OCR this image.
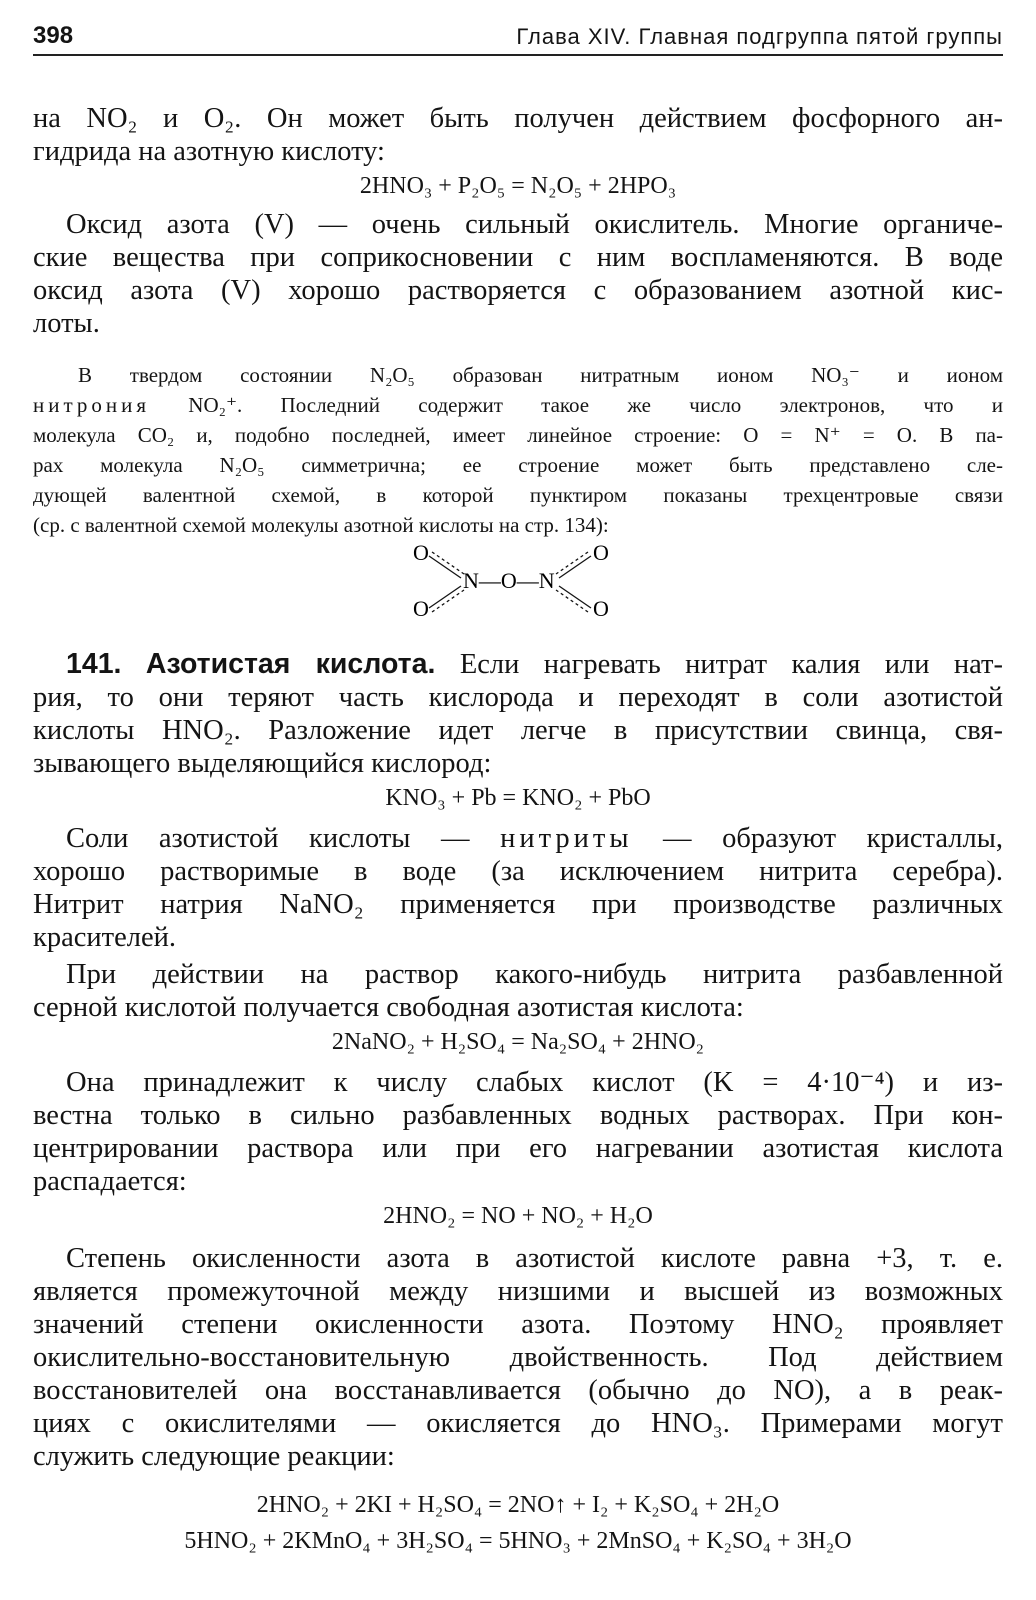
398	Глава XIV. Главная подгруппа пятой группы
на NO₂ и O₂. Он может быть получен действием фосфорного ан-
гидрида на азотную кислоту:
2HNO₃ + P₂O₅ = N₂O₅ + 2HPO₃
Оксид азота (V) — очень сильный окислитель. Многие органиче-
ские вещества при соприкосновении с ним воспламеняются. В воде
оксид азота (V) хорошо растворяется с образованием азотной кис-
лоты.
В твердом состоянии N₂O₅ образован нитратным ионом NO₃⁻ и ионом
нитрония NO₂⁺. Последний содержит такое же число электронов, что и
молекула CO₂ и, подобно последней, имеет линейное строение: O = N⁺ = O. В па-
рах молекула N₂O₅ симметрична; ее строение может быть представлено сле-
дующей валентной схемой, в которой пунктиром показаны трехцентровые связи
(ср. с валентной схемой молекулы азотной кислоты на стр. 134):
O
O
O
O
N—O—N
141. Азотистая кислота. Если нагревать нитрат калия или нат-
рия, то они теряют часть кислорода и переходят в соли азотистой
кислоты HNO₂. Разложение идет легче в присутствии свинца, свя-
зывающего выделяющийся кислород:
KNO₃ + Pb = KNO₂ + PbO
Соли азотистой кислоты — нитриты — образуют кристаллы,
хорошо растворимые в воде (за исключением нитрита серебра).
Нитрит натрия NaNO₂ применяется при производстве различных
красителей.
При действии на раствор какого-нибудь нитрита разбавленной
серной кислотой получается свободная азотистая кислота:
2NaNO₂ + H₂SO₄ = Na₂SO₄ + 2HNO₂
Она принадлежит к числу слабых кислот (K = 4·10⁻⁴) и из-
вестна только в сильно разбавленных водных растворах. При кон-
центрировании раствора или при его нагревании азотистая кислота
распадается:
2HNO₂ = NO + NO₂ + H₂O
Степень окисленности азота в азотистой кислоте равна +3, т. е.
является промежуточной между низшими и высшей из возможных
значений степени окисленности азота. Поэтому HNO₂ проявляет
окислительно-восстановительную двойственность. Под действием
восстановителей она восстанавливается (обычно до NO), а в реак-
циях с окислителями — окисляется до HNO₃. Примерами могут
служить следующие реакции:
2HNO₂ + 2KI + H₂SO₄ = 2NO↑ + I₂ + K₂SO₄ + 2H₂O
5HNO₂ + 2KMnO₄ + 3H₂SO₄ = 5HNO₃ + 2MnSO₄ + K₂SO₄ + 3H₂O
